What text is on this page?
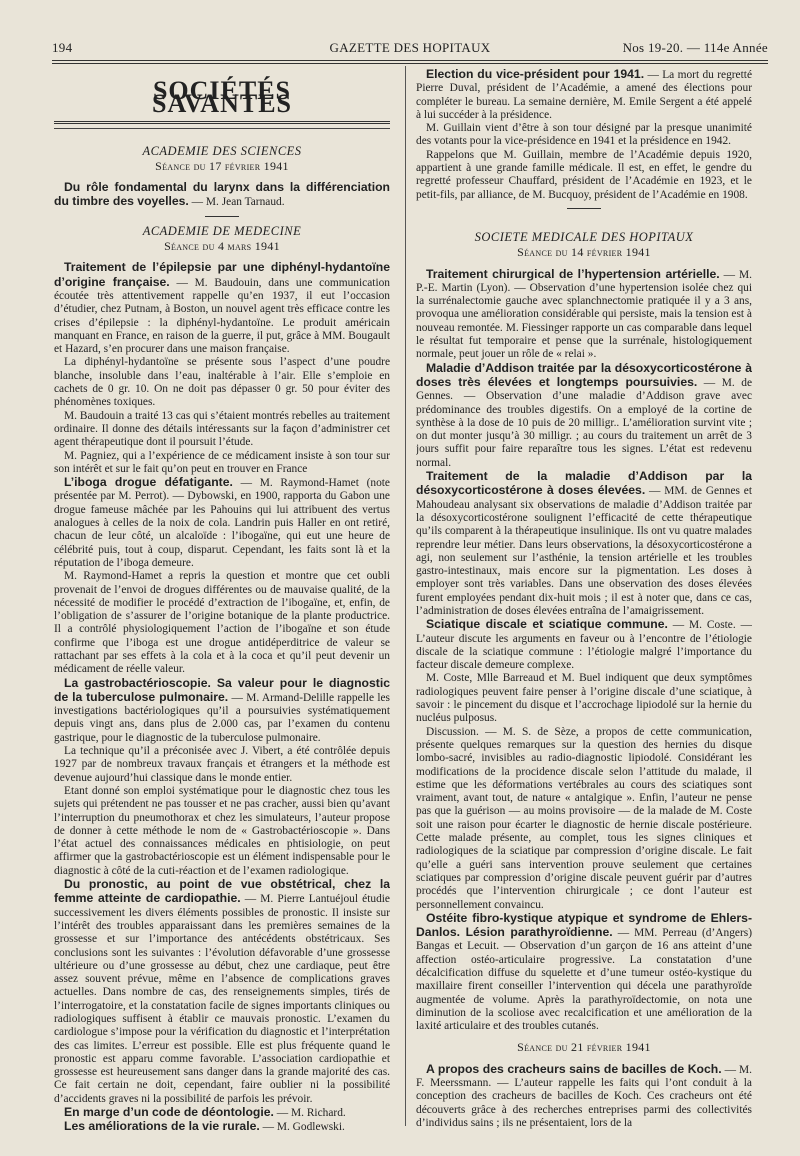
194	GAZETTE DES HOPITAUX	Nos 19-20. — 114e Année
SOCIÉTÉS SAVANTES
ACADEMIE DES SCIENCES
Séance du 17 février 1941

Du rôle fondamental du larynx dans la différenciation du timbre des voyelles. — M. Jean Tarnaud.

ACADEMIE DE MEDECINE
Séance du 4 mars 1941

Traitement de l’épilepsie par une diphényl-hydantoïne d’origine française. — M. Baudouin, dans une communication écoutée très attentivement rappelle qu’en 1937, il eut l’occasion d’étudier, chez Putnam, à Boston, un nouvel agent très efficace contre les crises d’épilepsie : la diphényl-hydantoïne. Le produit américain manquant en France, en raison de la guerre, il put, grâce à MM. Bougault et Hazard, s’en procurer dans une maison française.

La diphényl-hydantoïne se présente sous l’aspect d’une poudre blanche, insoluble dans l’eau, inaltérable à l’air. Elle s’emploie en cachets de 0 gr. 10. On ne doit pas dépasser 0 gr. 50 pour éviter des phénomènes toxiques.

M. Baudouin a traité 13 cas qui s’étaient montrés rebelles au traitement ordinaire. Il donne des détails intéressants sur la façon d’administrer cet agent thérapeutique dont il poursuit l’étude.

M. Pagniez, qui a l’expérience de ce médicament insiste à son tour sur son intérêt et sur le fait qu’on peut en trouver en France

L’iboga drogue défatigante. — M. Raymond-Hamet (note présentée par M. Perrot). — Dybowski, en 1900, rapporta du Gabon une drogue fameuse mâchée par les Pahouins qui lui attribuent des vertus analogues à celles de la noix de cola. Landrin puis Haller en ont retiré, chacun de leur côté, un alcaloïde : l’ibogaïne, qui eut une heure de célébrité puis, tout à coup, disparut. Cependant, les faits sont là et la réputation de l’iboga demeure.

M. Raymond-Hamet a repris la question et montre que cet oubli provenait de l’envoi de drogues différentes ou de mauvaise qualité, de la nécessité de modifier le procédé d’extraction de l’ibogaïne, et, enfin, de l’obligation de s’assurer de l’origine botanique de la plante productrice. Il a contrôlé physiologiquement l’action de l’ibogaïne et son étude confirme que l’iboga est une drogue antidéperditrice de valeur se rattachant par ses effets à la cola et à la coca et qu’il peut devenir un médicament de réelle valeur.

La gastrobactérioscopie. Sa valeur pour le diagnostic de la tuberculose pulmonaire. — M. Armand-Delille rappelle les investigations bactériologiques qu’il a poursuivies systématiquement depuis vingt ans, dans plus de 2.000 cas, par l’examen du contenu gastrique, pour le diagnostic de la tuberculose pulmonaire.

La technique qu’il a préconisée avec J. Vibert, a été contrôlée depuis 1927 par de nombreux travaux français et étrangers et la méthode est devenue aujourd’hui classique dans le monde entier.

Etant donné son emploi systématique pour le diagnostic chez tous les sujets qui prétendent ne pas tousser et ne pas cracher, aussi bien qu’avant l’interruption du pneumothorax et chez les simulateurs, l’auteur propose de donner à cette méthode le nom de « Gastrobactérioscopie ». Dans l’état actuel des connaissances médicales en phtisiologie, on peut affirmer que la gastrobactérioscopie est un élément indispensable pour le diagnostic à côté de la cuti-réaction et de l’examen radiologique.

Du pronostic, au point de vue obstétrical, chez la femme atteinte de cardiopathie. — M. Pierre Lantuéjoul étudie successivement les divers éléments possibles de pronostic. Il insiste sur l’intérêt des troubles apparaissant dans les premières semaines de la grossesse et sur l’importance des antécédents obstétricaux. Ses conclusions sont les suivantes : l’évolution défavorable d’une grossesse ultérieure ou d’une grossesse au début, chez une cardiaque, peut être assez souvent prévue, même en l’absence de complications graves actuelles. Dans nombre de cas, des renseignements simples, tirés de l’interrogatoire, et la constatation facile de signes importants cliniques ou radiologiques suffisent à établir ce mauvais pronostic. L’examen du cardiologue s’impose pour la vérification du diagnostic et l’interprétation des cas limites. L’erreur est possible. Elle est plus fréquente quand le pronostic est apparu comme favorable. L’association cardiopathie et grossesse est heureusement sans danger dans la grande majorité des cas. Ce fait certain ne doit, cependant, faire oublier ni la possibilité d’accidents graves ni la possibilité de parfois les prévoir.

En marge d’un code de déontologie. — M. Richard.

Les améliorations de la vie rurale. — M. Godlewski.

Election du vice-président pour 1941. — La mort du regretté Pierre Duval, président de l’Académie, a amené des élections pour compléter le bureau. La semaine dernière, M. Emile Sergent a été appelé à lui succéder à la présidence.

M. Guillain vient d’être à son tour désigné par la presque unanimité des votants pour la vice-présidence en 1941 et la présidence en 1942.

Rappelons que M. Guillain, membre de l’Académie depuis 1920, appartient à une grande famille médicale. Il est, en effet, le gendre du regretté professeur Chauffard, président de l’Académie en 1923, et le petit-fils, par alliance, de M. Bucquoy, président de l’Académie en 1908.

SOCIETE MEDICALE DES HOPITAUX
Séance du 14 février 1941

Traitement chirurgical de l’hypertension artérielle. — M. P.-E. Martin (Lyon). — Observation d’une hypertension isolée chez qui la surrénalectomie gauche avec splanchnectomie pratiquée il y a 3 ans, provoqua une amélioration considérable qui persiste, mais la tension est à nouveau remontée. M. Fiessinger rapporte un cas comparable dans lequel le résultat fut temporaire et pense que la surrénale, histologiquement normale, peut jouer un rôle de « relai ».

Maladie d’Addison traitée par la désoxycorticostérone à doses très élevées et longtemps poursuivies. — M. de Gennes. — Observation d’une maladie d’Addison grave avec prédominance des troubles digestifs. On a employé de la cortine de synthèse à la dose de 10 puis de 20 milligr.. L’amélioration survint vite ; on dut monter jusqu’à 30 milligr. ; au cours du traitement un arrêt de 3 jours suffit pour faire reparaître tous les signes. L’état est redevenu normal.

Traitement de la maladie d’Addison par la désoxycorticostérone à doses élevées. — MM. de Gennes et Mahoudeau analysant six observations de maladie d’Addison traitée par la désoxycorticostérone soulignent l’efficacité de cette thérapeutique qu’ils comparent à la thérapeutique insulinique. Ils ont vu quatre malades reprendre leur métier. Dans leurs observations, la désoxycorticostérone a agi, non seulement sur l’asthénie, la tension artérielle et les troubles gastro-intestinaux, mais encore sur la pigmentation. Les doses à employer sont très variables. Dans une observation des doses élevées furent employées pendant dix-huit mois ; il est à noter que, dans ce cas, l’administration de doses élevées entraîna de l’amaigrissement.

Sciatique discale et sciatique commune. — M. Coste. — L’auteur discute les arguments en faveur ou à l’encontre de l’étiologie discale de la sciatique commune : l’étiologie malgré l’importance du facteur discale demeure complexe.

M. Coste, Mlle Barreaud et M. Buel indiquent que deux symptômes radiologiques peuvent faire penser à l’origine discale d’une sciatique, à savoir : le pincement du disque et l’accrochage lipiodolé sur la hernie du nucléus pulposus.

Discussion. — M. S. de Sèze, a propos de cette communication, présente quelques remarques sur la question des hernies du disque lombo-sacré, invisibles au radio-diagnostic lipiodolé. Considérant les modifications de la procidence discale selon l’attitude du malade, il estime que les déformations vertébrales au cours des sciatiques sont vraiment, avant tout, de nature « antalgique ». Enfin, l’auteur ne pense pas que la guérison — au moins provisoire — de la malade de M. Coste soit une raison pour écarter le diagnostic de hernie discale postérieure. Cette malade présente, au complet, tous les signes cliniques et radiologiques de la sciatique par compression d’origine discale. Le fait qu’elle a guéri sans intervention prouve seulement que certaines sciatiques par compression d’origine discale peuvent guérir par d’autres procédés que l’intervention chirurgicale ; ce dont l’auteur est personnellement convaincu.

Ostéite fibro-kystique atypique et syndrome de Ehlers-Danlos. Lésion parathyroïdienne. — MM. Perreau (d’Angers) Bangas et Lecuit. — Observation d’un garçon de 16 ans atteint d’une affection ostéo-articulaire progressive. La constatation d’une décalcification diffuse du squelette et d’une tumeur ostéo-kystique du maxillaire firent conseiller l’intervention qui décela une parathyroïde augmentée de volume. Après la parathyroïdectomie, on nota une diminution de la scoliose avec recalcification et une amélioration de la laxité articulaire et des troubles cutanés.

Séance du 21 février 1941

A propos des cracheurs sains de bacilles de Koch. — M. F. Meerssmann. — L’auteur rappelle les faits qui l’ont conduit à la conception des cracheurs de bacilles de Koch. Ces cracheurs ont été découverts grâce à des recherches entreprises parmi des collectivités d’individus sains ; ils ne présentaient, lors de la
